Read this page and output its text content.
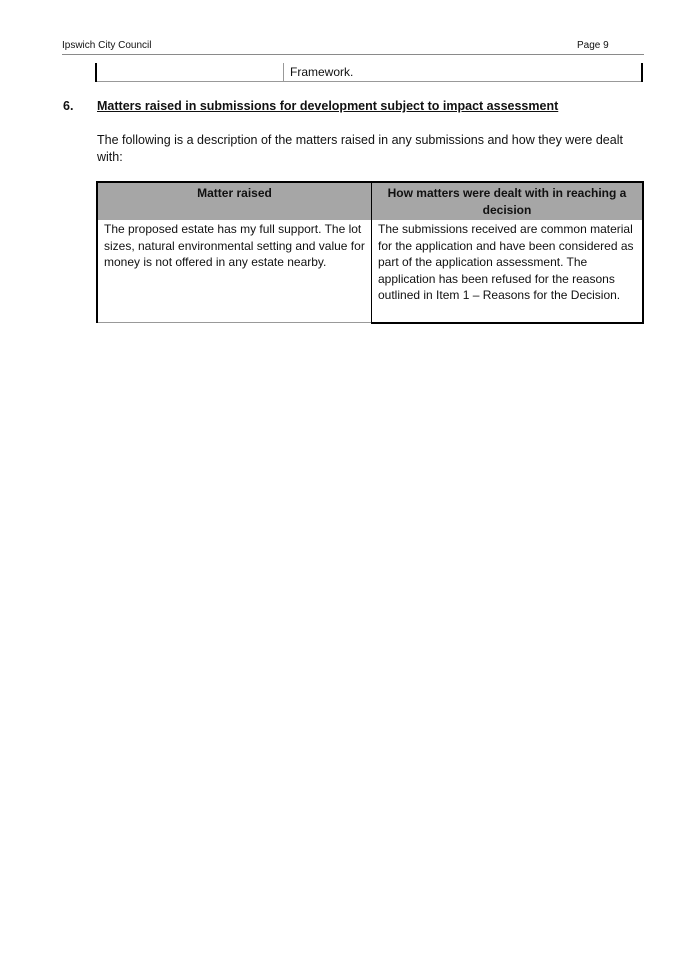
Ipswich City Council	Page 9
	Framework.
6. Matters raised in submissions for development subject to impact assessment
The following is a description of the matters raised in any submissions and how they were dealt with:
Matter raised	How matters were dealt with in reaching a decision
The proposed estate has my full support. The lot sizes, natural environmental setting and value for money is not offered in any estate nearby.	The submissions received are common material for the application and have been considered as part of the application assessment. The application has been refused for the reasons outlined in Item 1 – Reasons for the Decision.
